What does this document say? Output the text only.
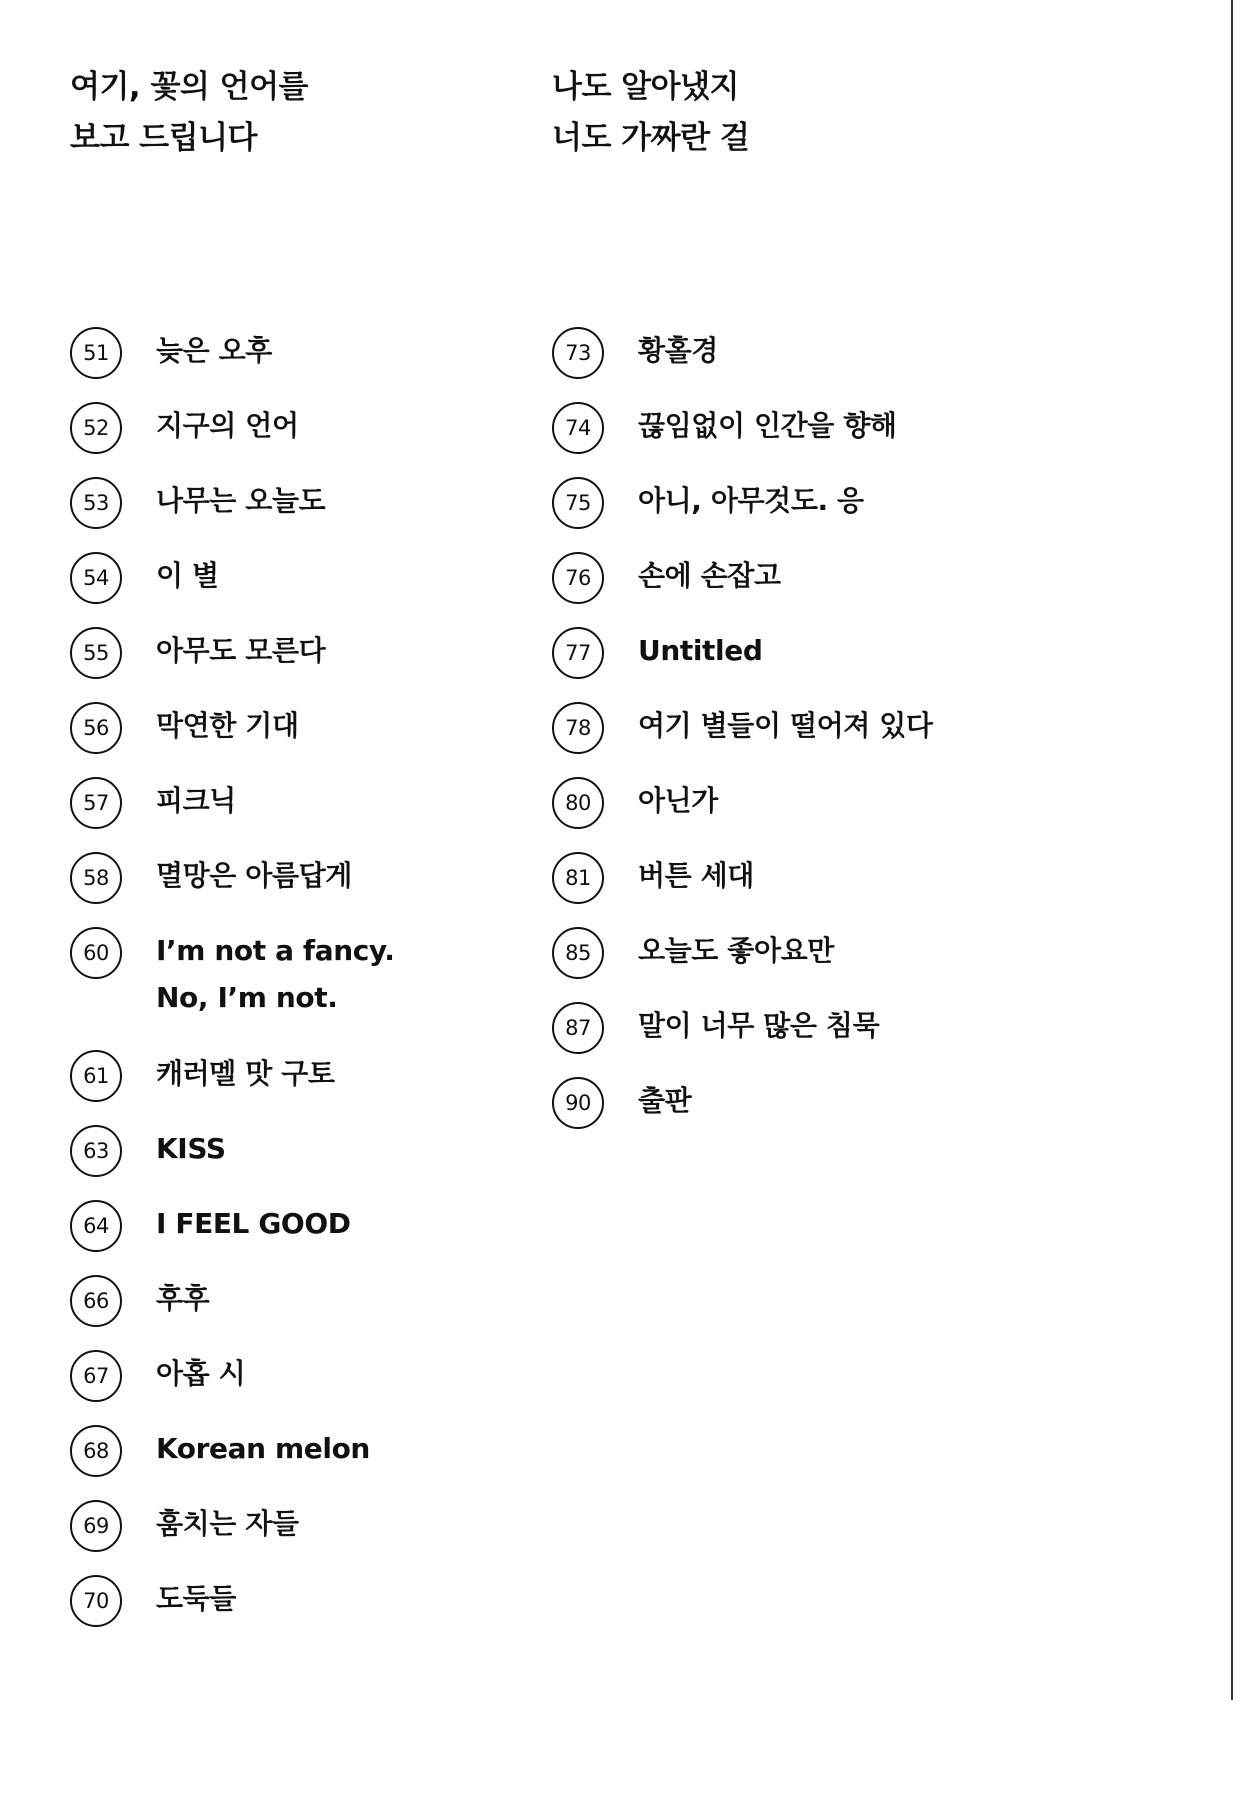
여기, 꽃의 언어를
보고 드립니다
51	늦은 오후
52	지구의 언어
53	나무는 오늘도
54	이 별
55	아무도 모른다
56	막연한 기대
57	피크닉
58	멸망은 아름답게
60	I’m not a fancy.
No, I’m not.
61	캐러멜 맛 구토
63	KISS
64	I FEEL GOOD
66	후후
67	아홉 시
68	Korean melon
69	훔치는 자들
70	도둑들
나도 알아냈지
너도 가짜란 걸
73	황홀경
74	끊임없이 인간을 향해
75	아니, 아무것도. 응
76	손에 손잡고
77	Untitled
78	여기 별들이 떨어져 있다
80	아닌가
81	버튼 세대
85	오늘도 좋아요만
87	말이 너무 많은 침묵
90	출판
